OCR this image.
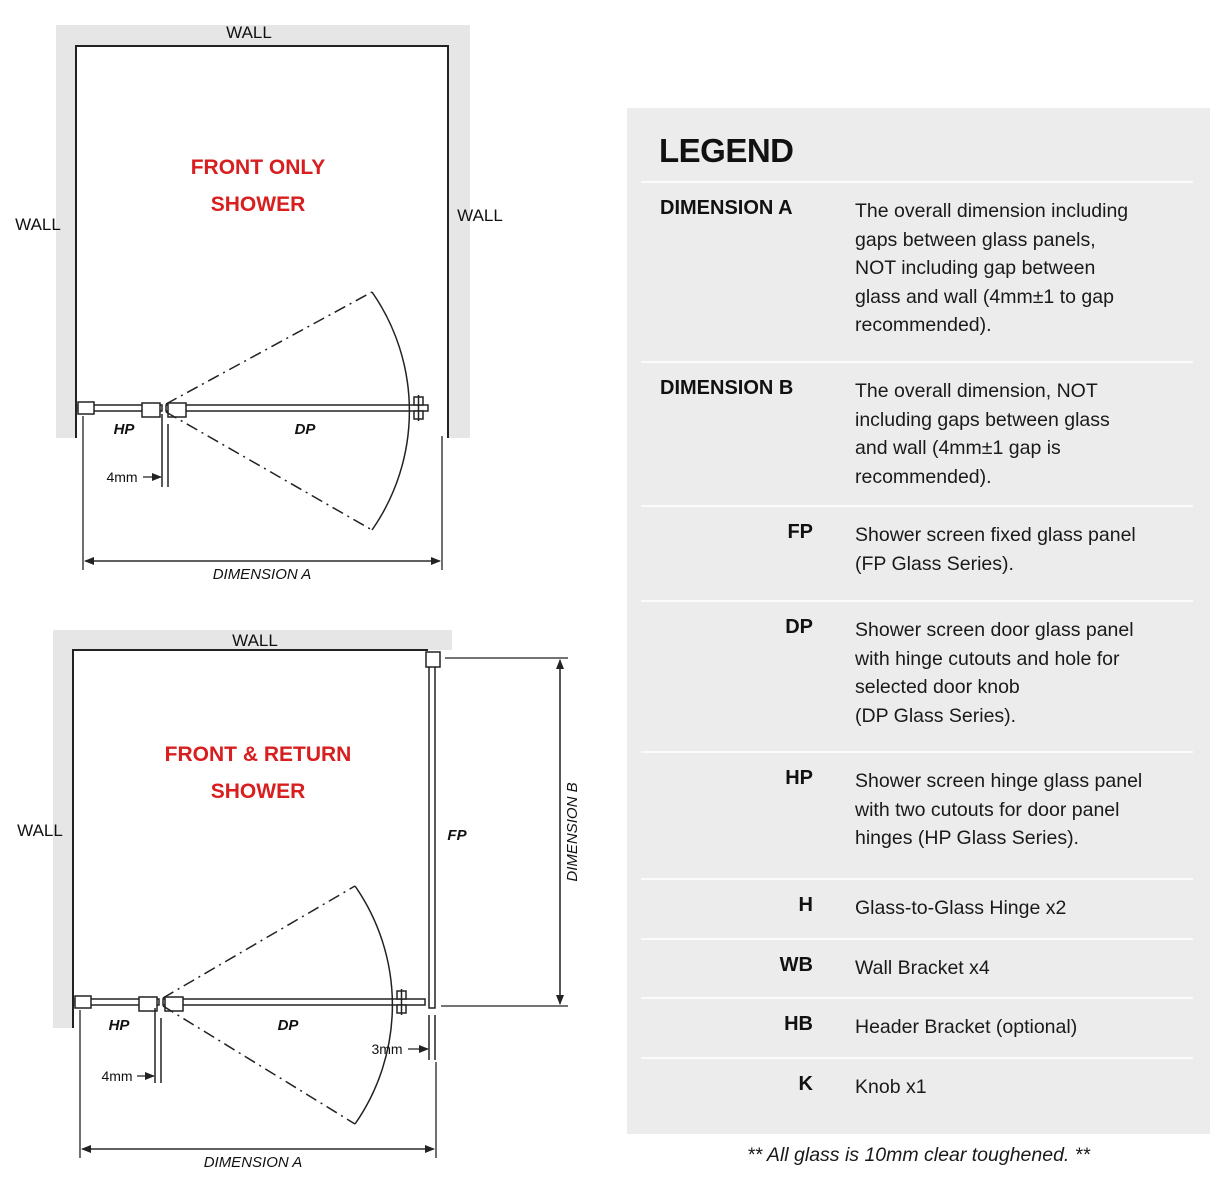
WALL
WALL	WALL
FRONT ONLY
SHOWER
HP	DP
4mm
DIMENSION A
WALL
WALL
FRONT & RETURN
SHOWER
FP
HP	DP
4mm
3mm
DIMENSION A
DIMENSION B
LEGEND
DIMENSION A	The overall dimension including
gaps between glass panels,
NOT including gap between
glass and wall (4mm±1 to gap
recommended).
DIMENSION B	The overall dimension, NOT
including gaps between glass
and wall (4mm±1 gap is
recommended).
FP Shower screen fixed glass panel
(FP Glass Series).
DP Shower screen door glass panel
with hinge cutouts and hole for
selected door knob
(DP Glass Series).
HP Shower screen hinge glass panel
with two cutouts for door panel
hinges (HP Glass Series).
H Glass-to-Glass Hinge x2
WB Wall Bracket x4
HB Header Bracket (optional)
K Knob x1
** All glass is 10mm clear toughened. **
